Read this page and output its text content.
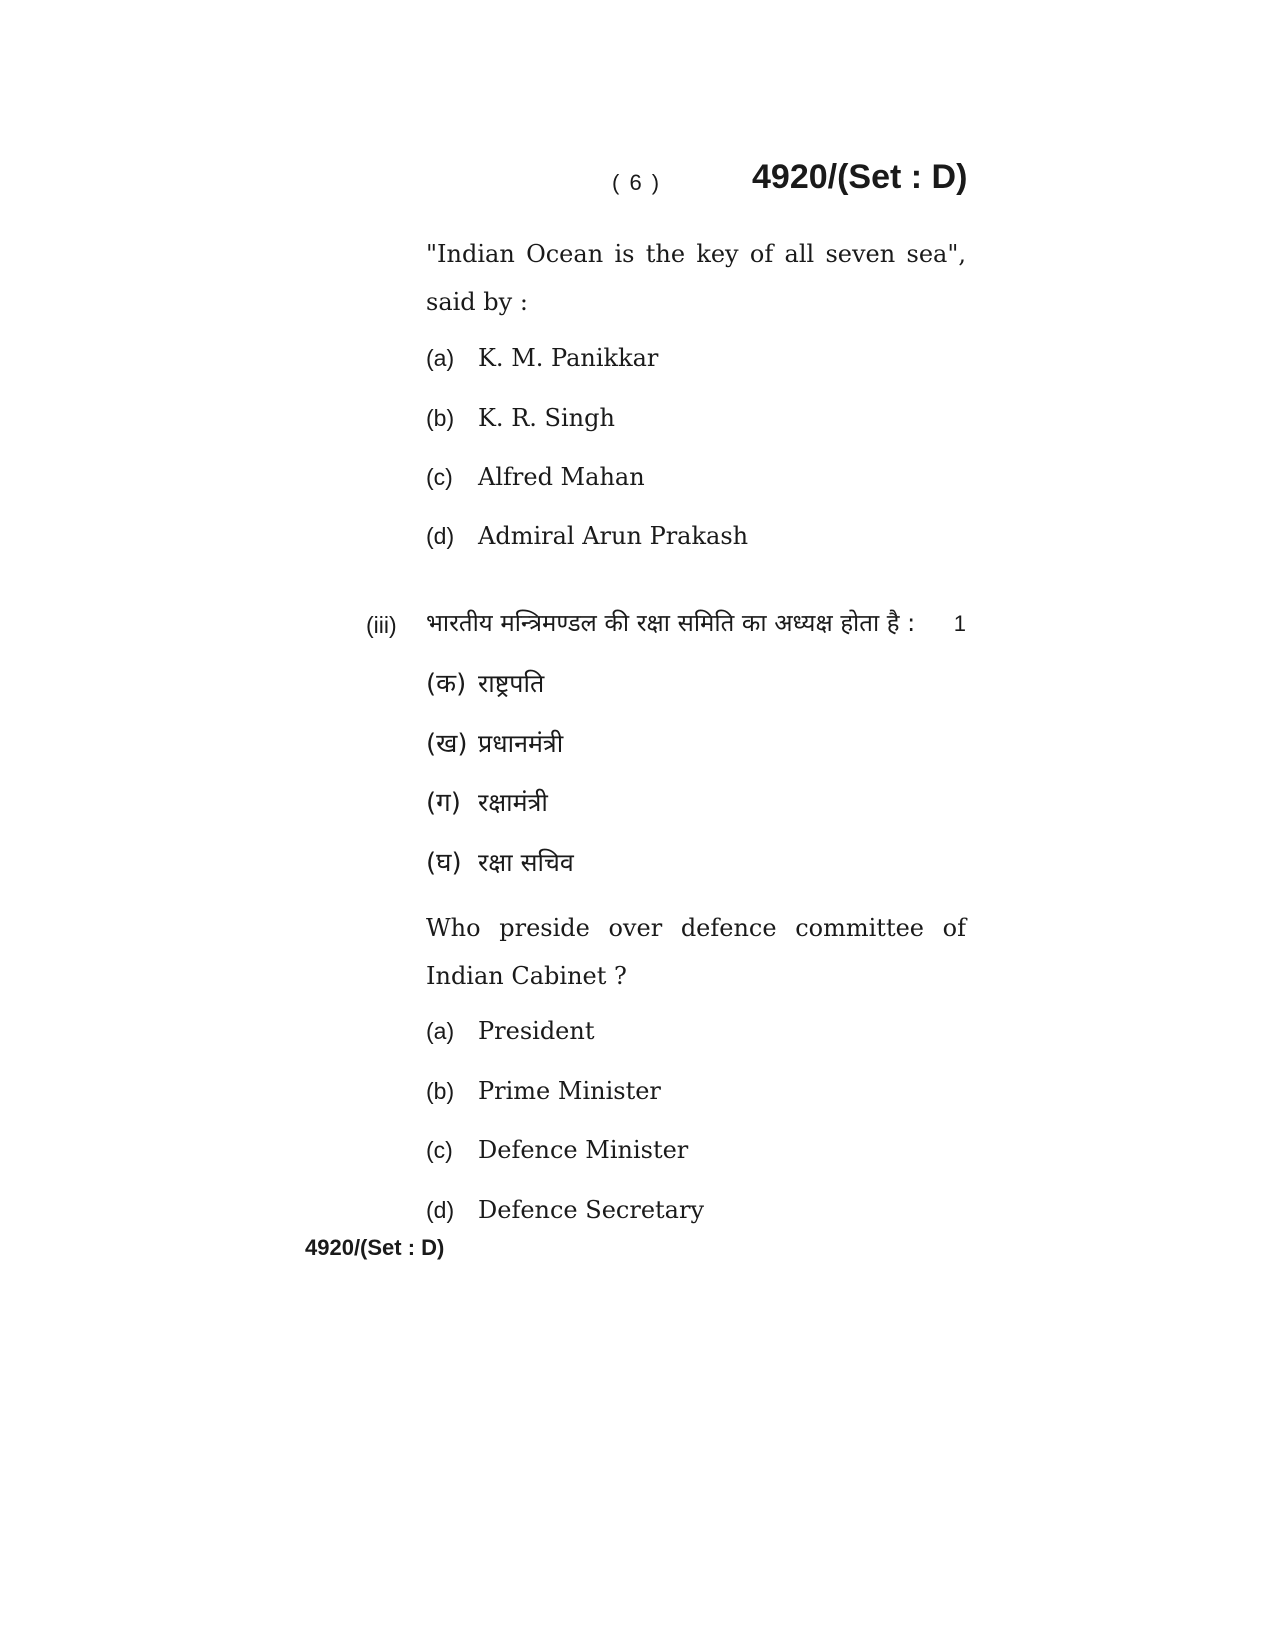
( 6 )	4920/(Set : D)

"Indian Ocean is the key of all seven sea", said by :

(a) K. M. Panikkar
(b) K. R. Singh
(c) Alfred Mahan
(d) Admiral Arun Prakash
(iii) भारतीय मन्त्रिमण्डल की रक्षा समिति का अध्यक्ष होता है : 1
(क) राष्ट्रपति
(ख) प्रधानमंत्री
(ग) रक्षामंत्री
(घ) रक्षा सचिव

Who preside over defence committee of Indian Cabinet ?

(a) President
(b) Prime Minister
(c) Defence Minister
(d) Defence Secretary
4920/(Set : D)
